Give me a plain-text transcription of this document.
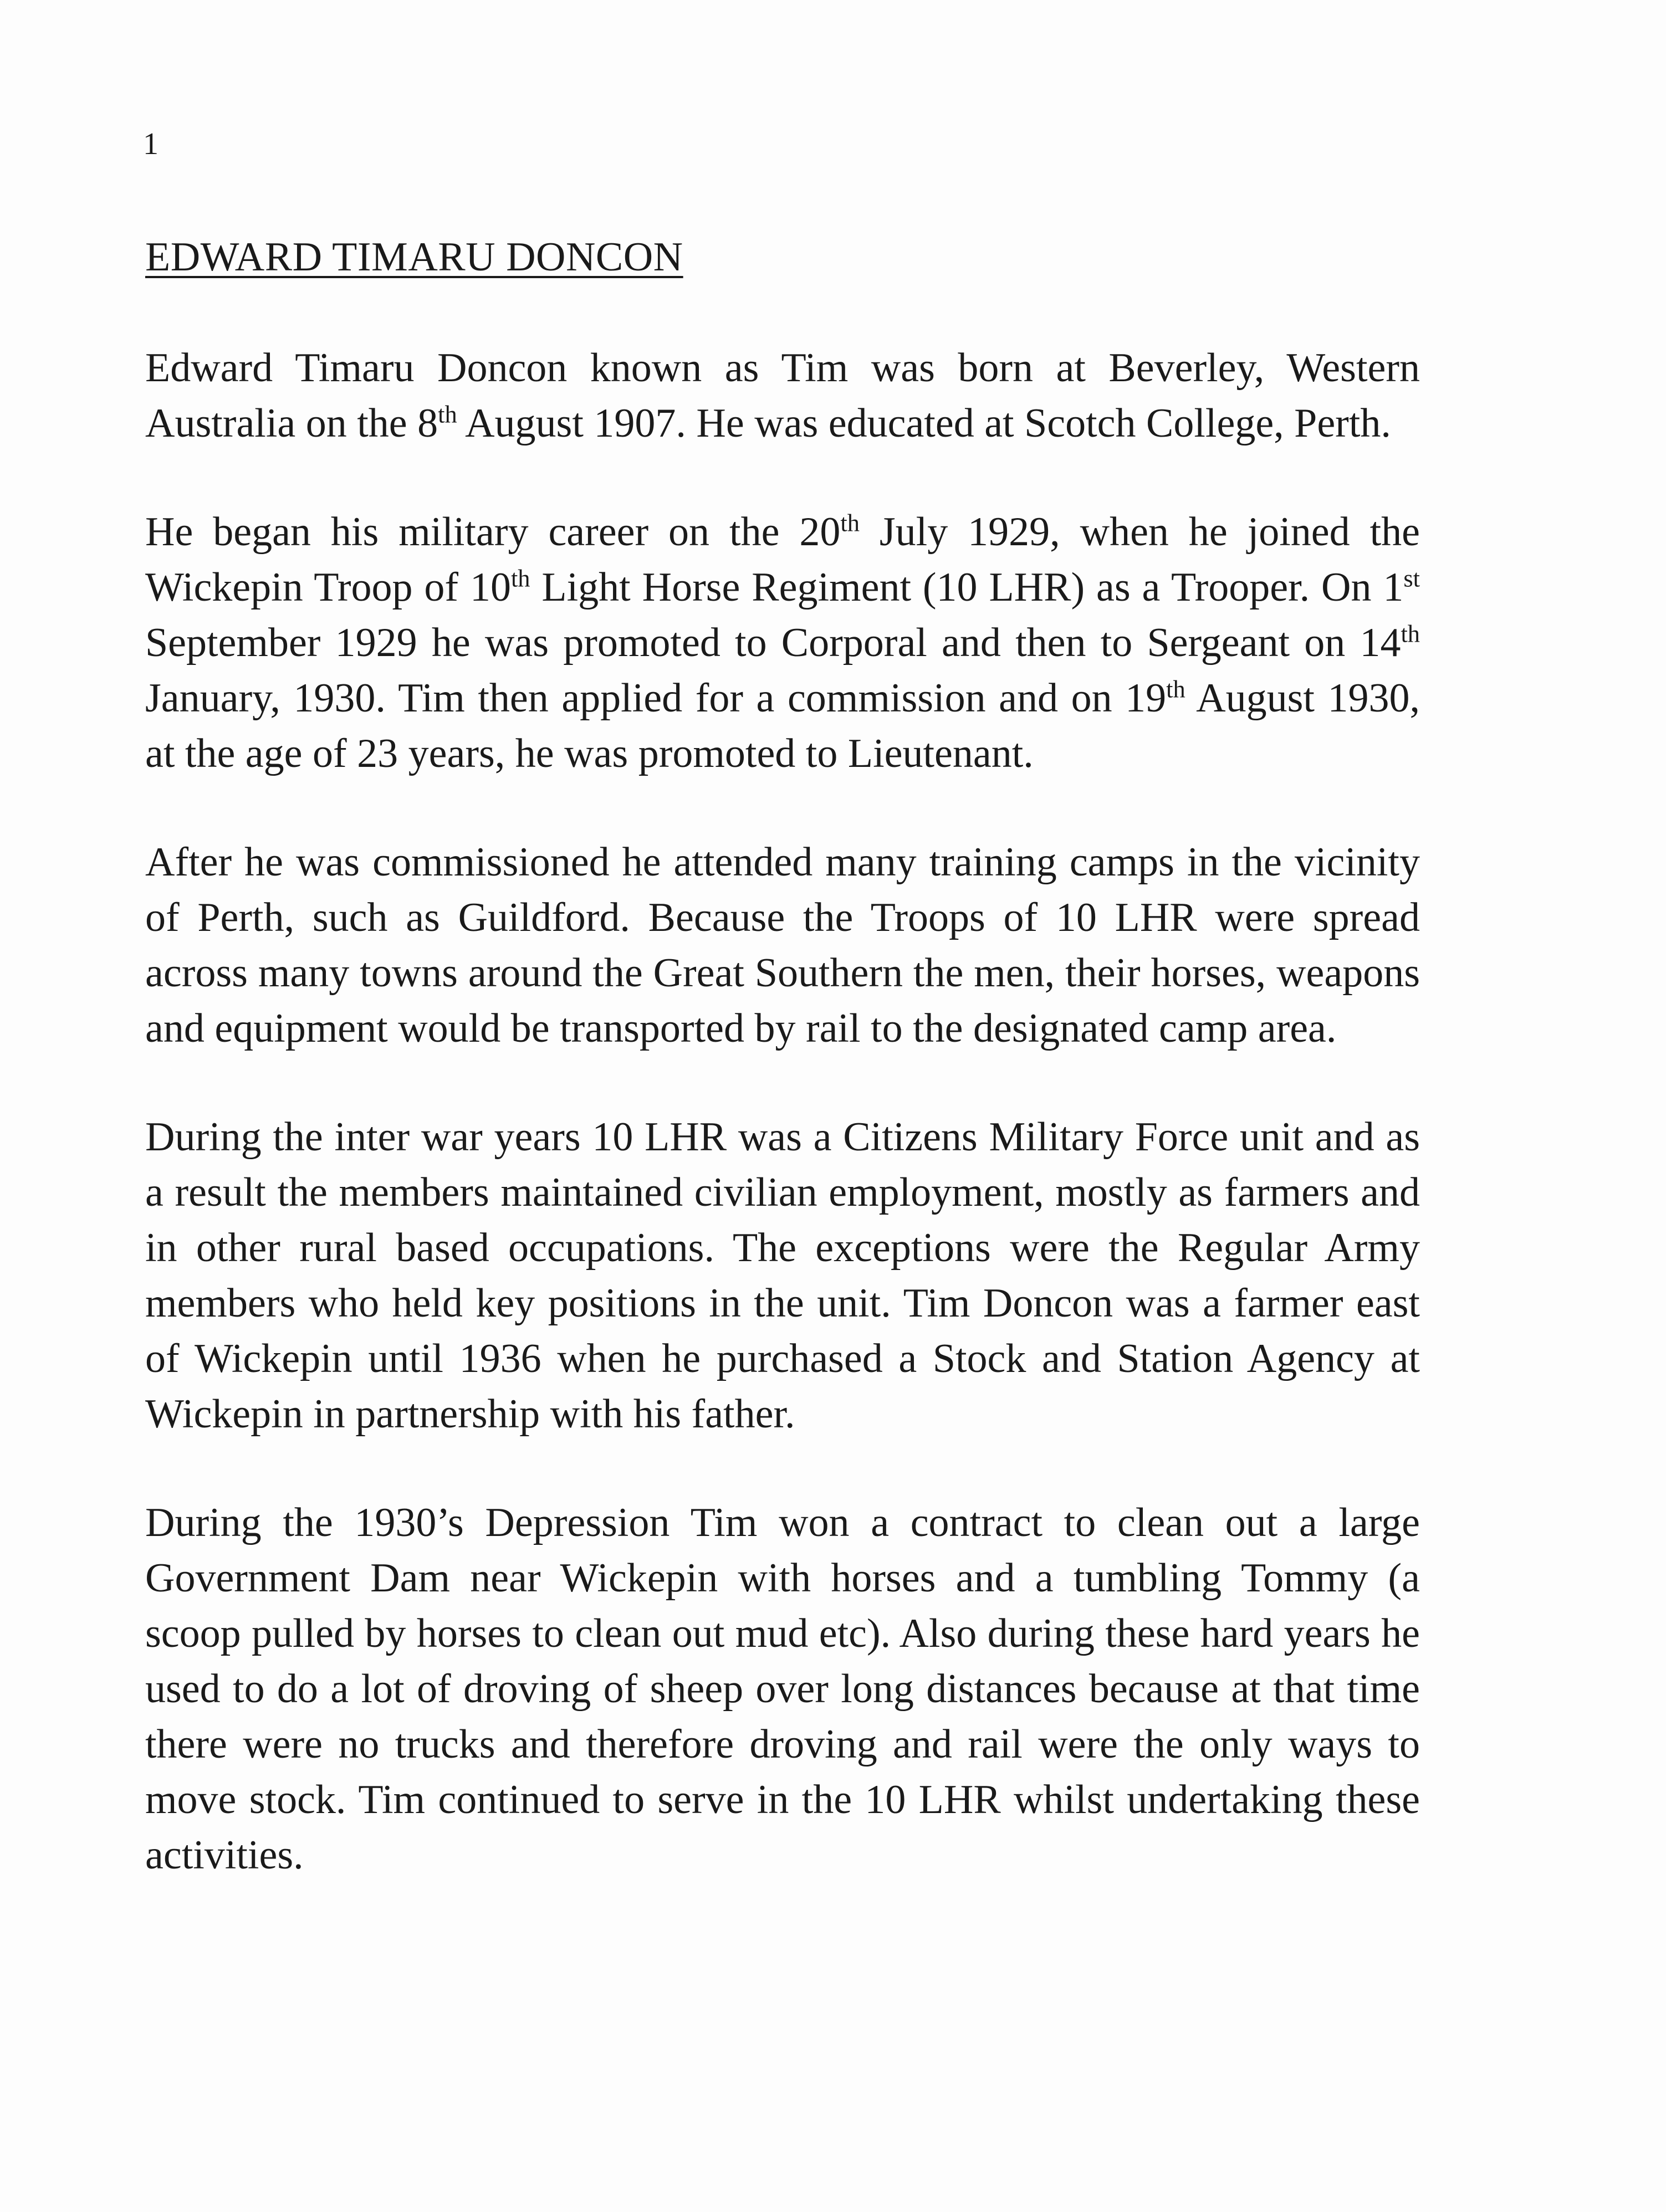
1
EDWARD TIMARU DONCON

Edward Timaru Doncon known as Tim was born at Beverley, Western Australia on the 8th August 1907. He was educated at Scotch College, Perth.

He began his military career on the 20th July 1929, when he joined the Wickepin Troop of 10th Light Horse Regiment (10 LHR) as a Trooper. On 1st September 1929 he was promoted to Corporal and then to Sergeant on 14th January, 1930. Tim then applied for a commission and on 19th August 1930, at the age of 23 years, he was promoted to Lieutenant.

After he was commissioned he attended many training camps in the vicinity of Perth, such as Guildford. Because the Troops of 10 LHR were spread across many towns around the Great Southern the men, their horses, weapons and equipment would be transported by rail to the designated camp area.

During the inter war years 10 LHR was a Citizens Military Force unit and as a result the members maintained civilian employment, mostly as farmers and in other rural based occupations. The exceptions were the Regular Army members who held key positions in the unit. Tim Doncon was a farmer east of Wickepin until 1936 when he purchased a Stock and Station Agency at Wickepin in partnership with his father.

During the 1930’s Depression Tim won a contract to clean out a large Government Dam near Wickepin with horses and a tumbling Tommy (a scoop pulled by horses to clean out mud etc). Also during these hard years he used to do a lot of droving of sheep over long distances because at that time there were no trucks and therefore droving and rail were the only ways to move stock. Tim continued to serve in the 10 LHR whilst undertaking these activities.
